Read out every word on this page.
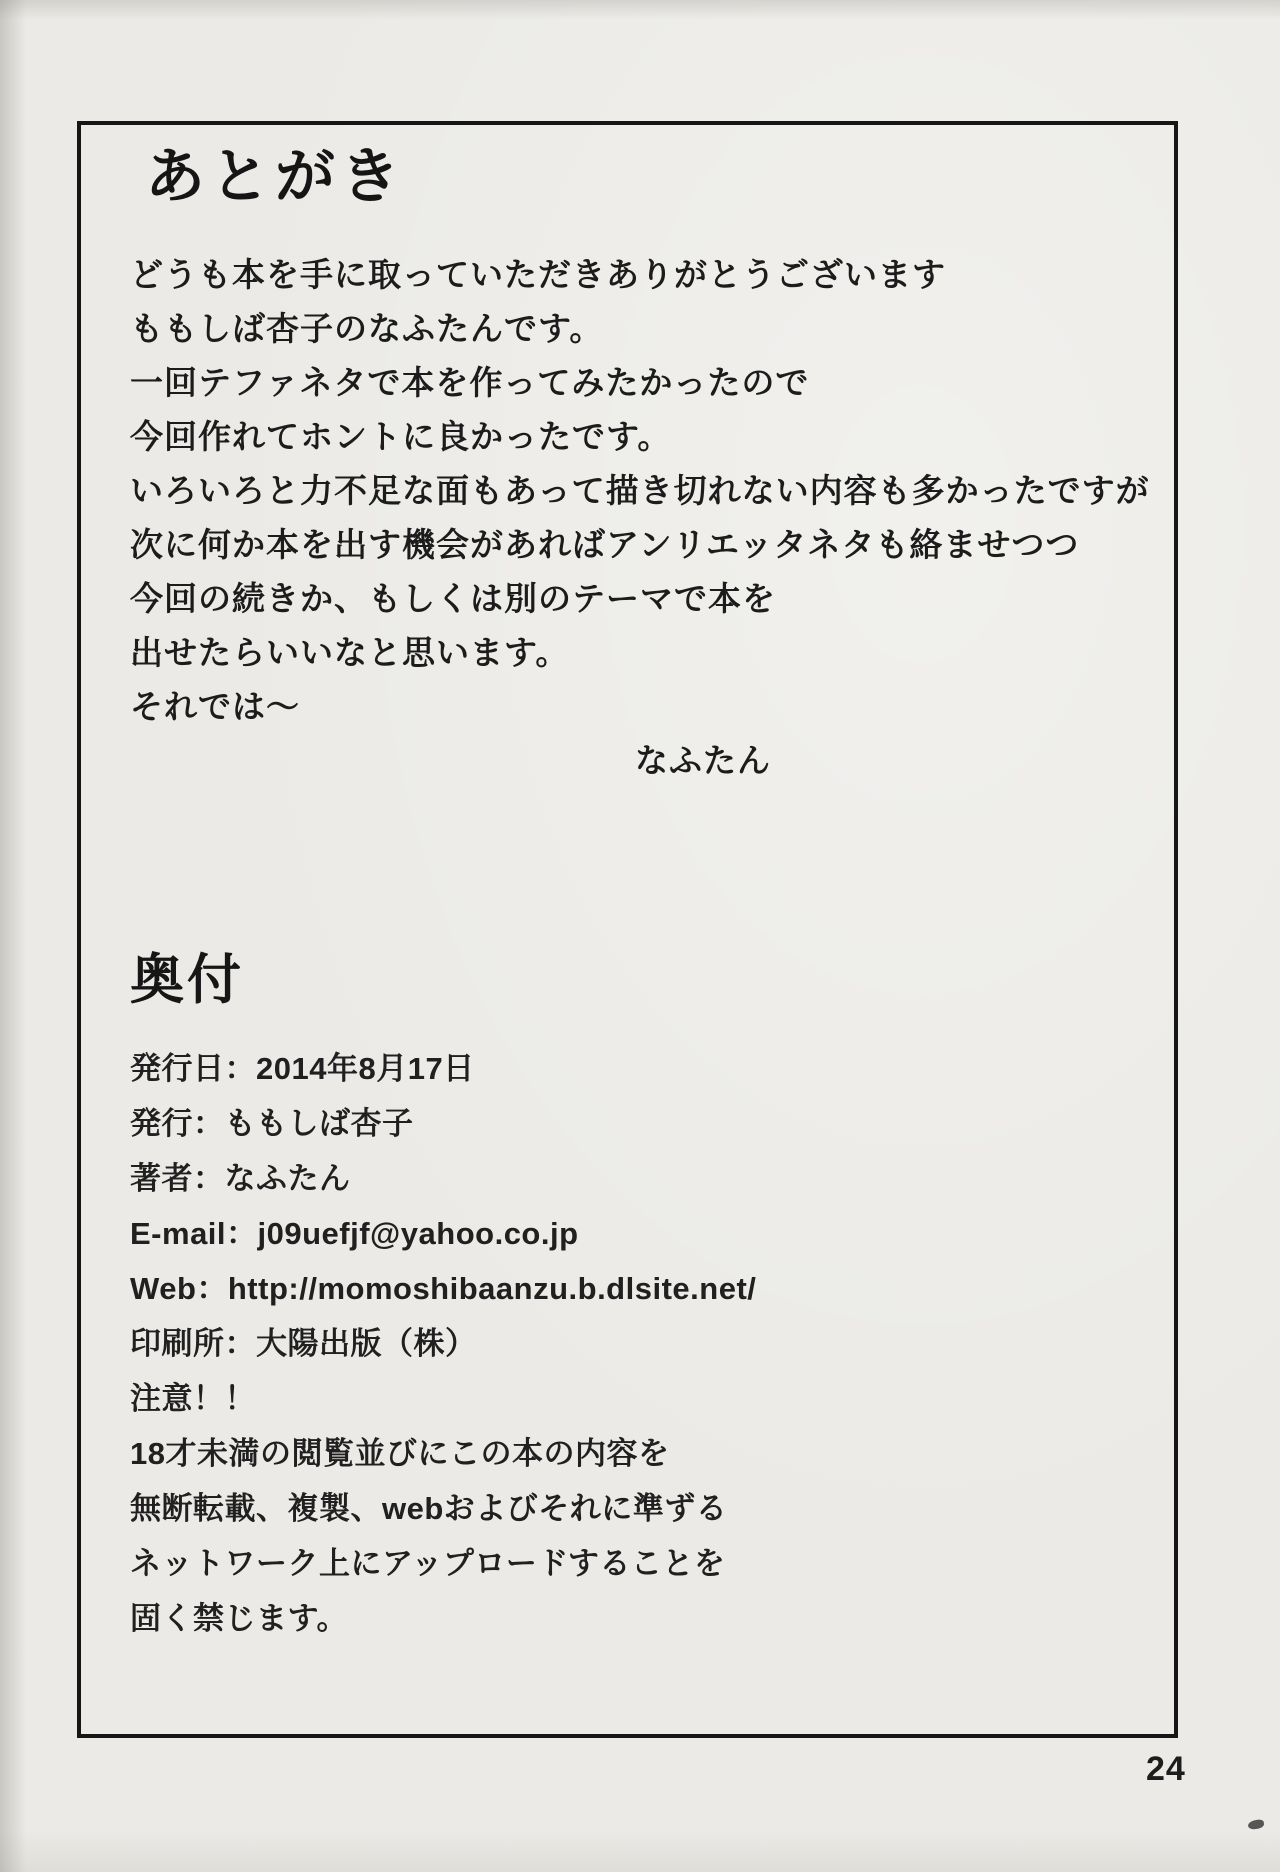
あとがき
どうも本を手に取っていただきありがとうございます
ももしば杏子のなふたんです。
一回テファネタで本を作ってみたかったので
今回作れてホントに良かったです。
いろいろと力不足な面もあって描き切れない内容も多かったですが
次に何か本を出す機会があればアンリエッタネタも絡ませつつ
今回の続きか、もしくは別のテーマで本を
出せたらいいなと思います。
それでは～
なふたん
奥付
発行日：2014年8月17日
発行：ももしば杏子
著者：なふたん
E-mail：j09uefjf@yahoo.co.jp
Web：http://momoshibaanzu.b.dlsite.net/
印刷所：大陽出版（株）
注意！！
18才未満の閲覧並びにこの本の内容を
無断転載、複製、webおよびそれに準ずる
ネットワーク上にアップロードすることを
固く禁じます。
24
